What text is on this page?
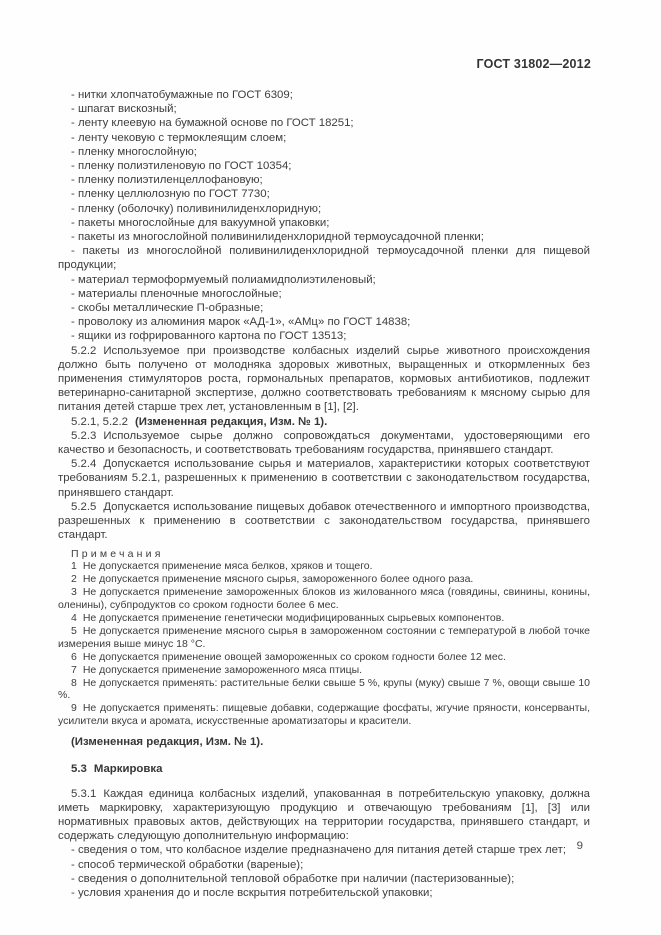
ГОСТ 31802—2012

- нитки хлопчатобумажные по ГОСТ 6309;

- шпагат вискозный;

- ленту клеевую на бумажной основе по ГОСТ 18251;

- ленту чековую с термоклеящим слоем;

- пленку многослойную;

- пленку полиэтиленовую по ГОСТ 10354;

- пленку полиэтиленцеллофановую;

- пленку целлюлозную по ГОСТ 7730;

- пленку (оболочку) поливинилиденхлоридную;

- пакеты многослойные для вакуумной упаковки;

- пакеты из многослойной поливинилиденхлоридной термоусадочной пленки;

- пакеты из многослойной поливинилиденхлоридной термоусадочной пленки для пищевой продукции;

- материал термоформуемый полиамидполиэтиленовый;

- материалы пленочные многослойные;

- скобы металлические П-образные;

- проволоку из алюминия марок «АД-1», «АМц» по ГОСТ 14838;

- ящики из гофрированного картона по ГОСТ 13513;

5.2.2 Используемое при производстве колбасных изделий сырье животного происхождения должно быть получено от молодняка здоровых животных, выращенных и откормленных без применения стимуляторов роста, гормональных препаратов, кормовых антибиотиков, подлежит ветеринарно-санитарной экспертизе, должно соответствовать требованиям к мясному сырью для питания детей старше трех лет, установленным в [1], [2].

5.2.1, 5.2.2 (Измененная редакция, Изм. № 1).

5.2.3 Используемое сырье должно сопровождаться документами, удостоверяющими его качество и безопасность, и соответствовать требованиям государства, принявшего стандарт.

5.2.4 Допускается использование сырья и материалов, характеристики которых соответствуют требованиям 5.2.1, разрешенных к применению в соответствии с законодательством государства, принявшего стандарт.

5.2.5 Допускается использование пищевых добавок отечественного и импортного производства, разрешенных к применению в соответствии с законодательством государства, принявшего стандарт.

Примечания

1 Не допускается применение мяса белков, хряков и тощего.

2 Не допускается применение мясного сырья, замороженного более одного раза.

3 Не допускается применение замороженных блоков из жилованного мяса (говядины, свинины, конины, оленины), субпродуктов со сроком годности более 6 мес.

4 Не допускается применение генетически модифицированных сырьевых компонентов.

5 Не допускается применение мясного сырья в замороженном состоянии с температурой в любой точке измерения выше минус 18 °С.

6 Не допускается применение овощей замороженных со сроком годности более 12 мес.

7 Не допускается применение замороженного мяса птицы.

8 Не допускается применять: растительные белки свыше 5 %, крупы (муку) свыше 7 %, овощи свыше 10 %.

9 Не допускается применять: пищевые добавки, содержащие фосфаты, жгучие пряности, консерванты, усилители вкуса и аромата, искусственные ароматизаторы и красители.

(Измененная редакция, Изм. № 1).

5.3 Маркировка

5.3.1 Каждая единица колбасных изделий, упакованная в потребительскую упаковку, должна иметь маркировку, характеризующую продукцию и отвечающую требованиям [1], [3] или нормативных правовых актов, действующих на территории государства, принявшего стандарт, и содержать следующую дополнительную информацию:

- сведения о том, что колбасное изделие предназначено для питания детей старше трех лет;

- способ термической обработки (вареные);

- сведения о дополнительной тепловой обработке при наличии (пастеризованные);

- условия хранения до и после вскрытия потребительской упаковки;

9
